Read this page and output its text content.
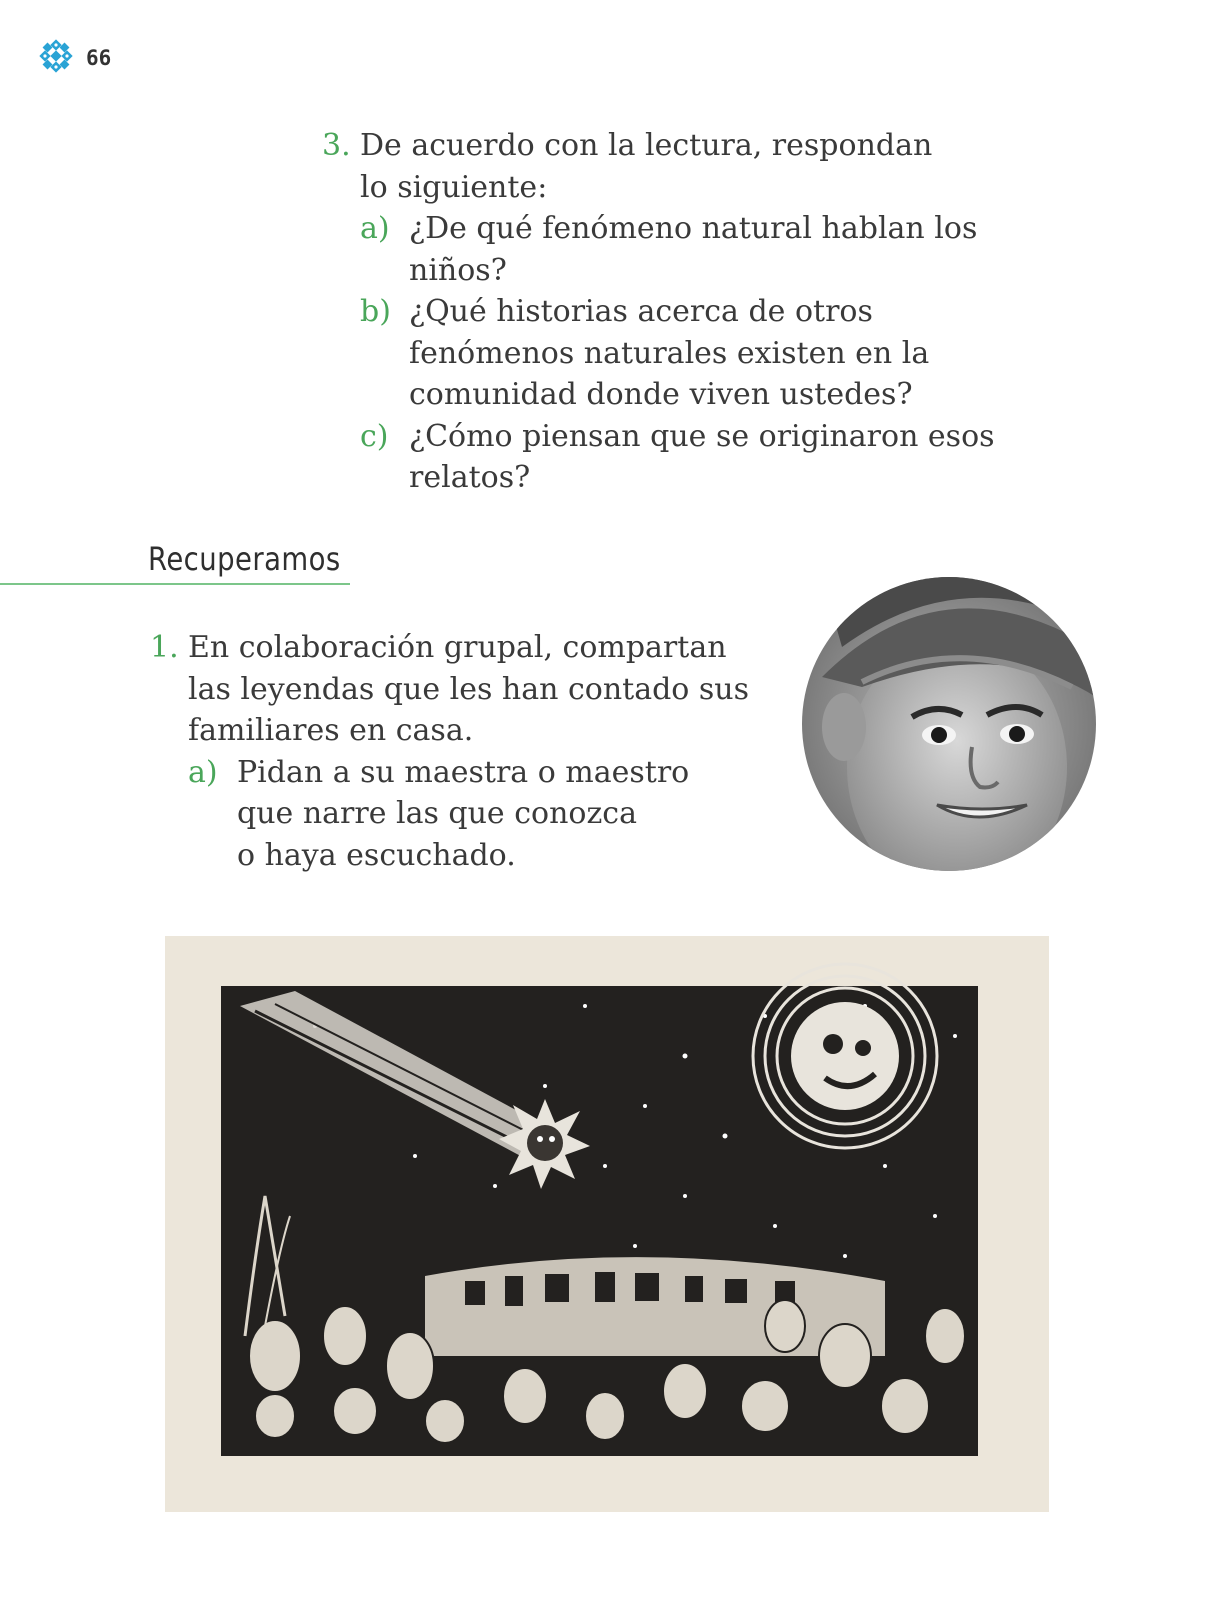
66
3. De acuerdo con la lectura, respondan
lo siguiente:
a) ¿De qué fenómeno natural hablan los
niños?
b) ¿Qué historias acerca de otros
fenómenos naturales existen en la
comunidad donde viven ustedes?
c) ¿Cómo piensan que se originaron esos
relatos?
Recuperamos
1. En colaboración grupal, compartan
las leyendas que les han contado sus
familiares en casa.
a) Pidan a su maestra o maestro
que narre las que conozca
o haya escuchado.
